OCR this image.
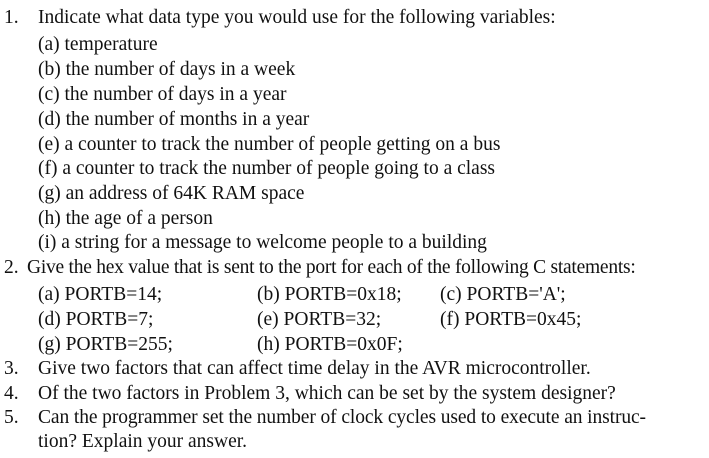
1. Indicate what data type you would use for the following variables:
(a) temperature
(b) the number of days in a week
(c) the number of days in a year
(d) the number of months in a year
(e) a counter to track the number of people getting on a bus
(f) a counter to track the number of people going to a class
(g) an address of 64K RAM space
(h) the age of a person
(i) a string for a message to welcome people to a building
2. Give the hex value that is sent to the port for each of the following C statements:
(a) PORTB=14;	(b) PORTB=0x18; (c) PORTB='A';
(d) PORTB=7;	(e) PORTB=32;	(f) PORTB=0x45;
(g) PORTB=255;	(h) PORTB=0x0F;
3. Give two factors that can affect time delay in the AVR microcontroller.
4. Of the two factors in Problem 3, which can be set by the system designer?
5. Can the programmer set the number of clock cycles used to execute an instruc-
tion? Explain your answer.
